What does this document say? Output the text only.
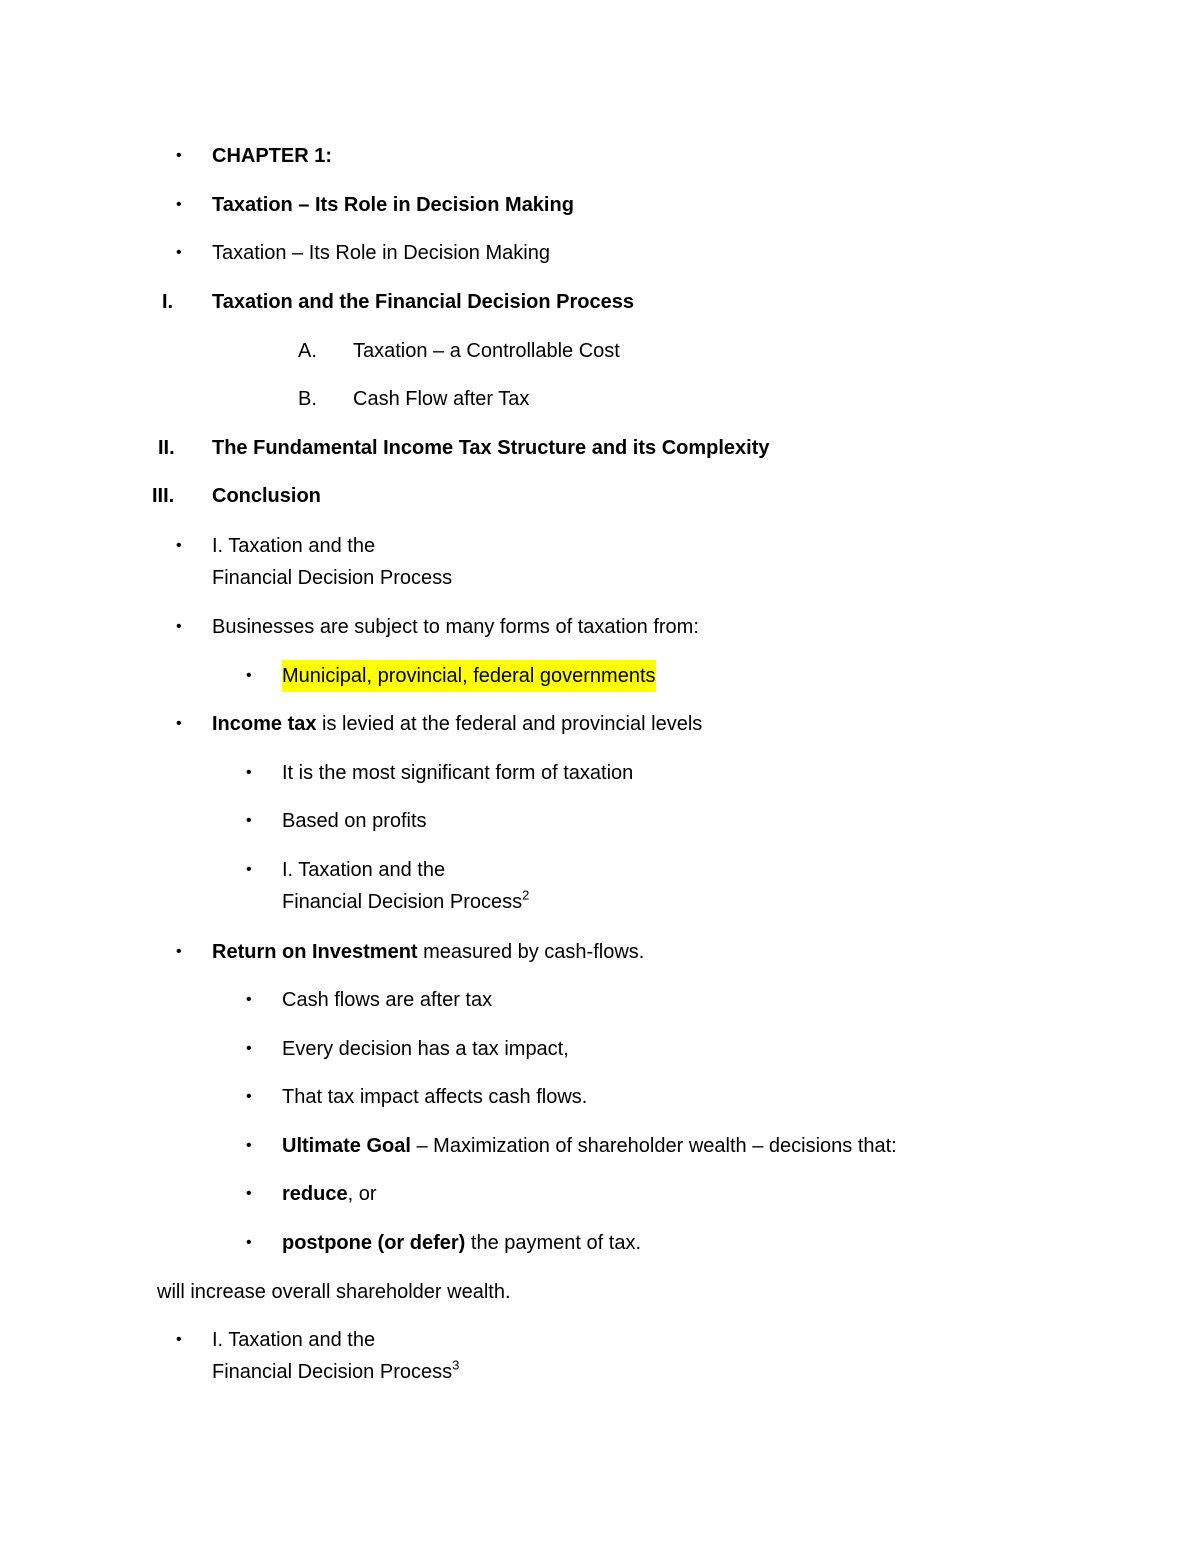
• CHAPTER 1:
• Taxation – Its Role in Decision Making
• Taxation – Its Role in Decision Making
I. Taxation and the Financial Decision Process
A. Taxation – a Controllable Cost
B. Cash Flow after Tax
II. The Fundamental Income Tax Structure and its Complexity
III. Conclusion
• I. Taxation and the
Financial Decision Process
• Businesses are subject to many forms of taxation from:
• Municipal, provincial, federal governments
• Income tax is levied at the federal and provincial levels
• It is the most significant form of taxation
• Based on profits
• I. Taxation and the
Financial Decision Process$^2$
• Return on Investment measured by cash-flows.
• Cash flows are after tax
• Every decision has a tax impact,
• That tax impact affects cash flows.
• Ultimate Goal – Maximization of shareholder wealth – decisions that:
• reduce, or
• postpone (or defer) the payment of tax.
will increase overall shareholder wealth.
• I. Taxation and the
Financial Decision Process$^3$
